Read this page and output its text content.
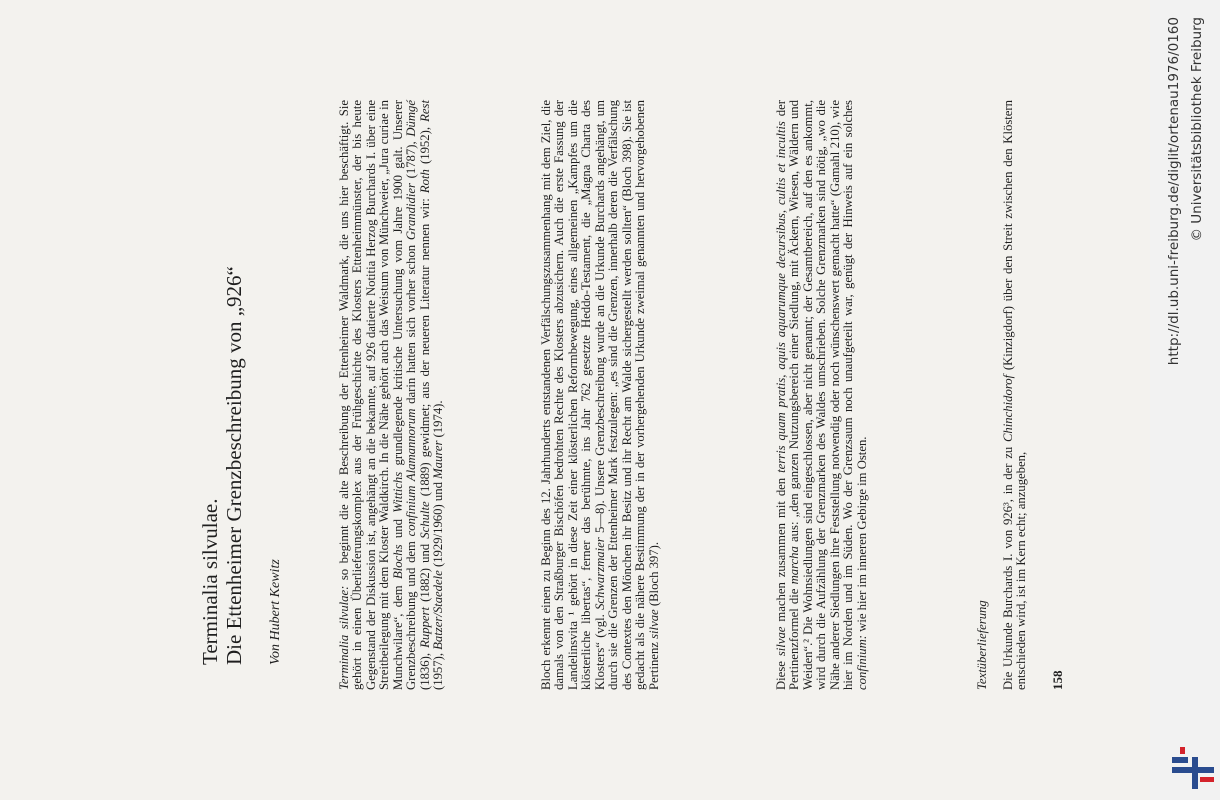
Terminalia silvulae. Die Ettenheimer Grenzbeschreibung von „926“ Von Hubert Kewitz	Terminalia silvulae: so beginnt die alte Beschreibung der Ettenheimer Waldmark, die uns hier beschäftigt. Sie gehört in einen Überlieferungskomplex aus der Frühgeschichte des Klosters Ettenheimmünster, der bis heute Gegenstand der Diskussion ist, angehängt an die bekannte, auf 926 datierte Notitia Herzog Burchards I. über eine Streitbeilegung mit dem Kloster Waldkirch. In die Nähe gehört auch das Weistum von Münchweier, „Jura curiae in Munchwilare“, dem Blochs und Wittichs grundlegende kritische Untersuchung vom Jahre 1900 galt. Unserer Grenzbeschreibung und dem confinium Alamannorum darin hatten sich vorher schon Grandidier (1787), Dümgé (1836), Ruppert (1882) und Schulte (1889) gewidmet; aus der neueren Literatur nennen wir: Roth (1952), Rest (1957), Batzer/Staedele (1929/1960) und Maurer (1974).	Bloch erkennt einen zu Beginn des 12. Jahrhunderts entstandenen Verfälschungszusammenhang mit dem Ziel, die damals von den Straßburger Bischöfen bedrohten Rechte des Klosters abzusichern. Auch die erste Fassung der Landelinsvita ¹ gehört in diese Zeit einer klösterlichen Reformbewegung, eines allgemeinen „Kampfes um die klösterliche libertas“, ferner das berühmte, ins Jahr 762 gesetzte Heddo-Testament, die „Magna Charta des Klosters“ (vgl. Schwarzmaier 5—8). Unsere Grenzbeschreibung wurde an die Urkunde Burchards angehängt, um durch sie die Grenzen der Ettenheimer Mark festzulegen: „es sind die Grenzen, innerhalb deren die Verfälschung des Contextes den Mönchen ihr Besitz und ihr Recht am Walde sichergestellt werden sollten“ (Bloch 398). Sie ist gedacht als die nähere Bestimmung der in der vorhergehenden Urkunde zweimal genannten und hervorgehobenen Pertinenz silvae (Bloch 397).
Diese silvae machen zusammen mit den terris quam pratis, aquis aquarumque decursibus, cultis et incultis der Pertinenzformel die marcha aus: „den ganzen Nutzungsbereich einer Siedlung, mit Äckern, Wiesen, Wäldern und Weiden“.² Die Wohnsiedlungen sind eingeschlossen, aber nicht genannt; der Gesamtbereich, auf den es ankommt, wird durch die Aufzählung der Grenzmarken des Waldes umschrieben. Solche Grenzmarken sind nötig, „wo die Nähe anderer Siedlungen ihre Feststellung notwendig oder noch wünschenswert gemacht hatte“ (Gamahl 210), wie hier im Norden und im Süden. Wo der Grenzsaum noch unaufgeteilt war, genügt der Hinweis auf ein solches confinium: wie hier im inneren Gebirge im Osten.
Textüberlieferung Die Urkunde Burchards I. von 926³, in der zu Chinchidorof (Kinzigdorf) über den Streit zwischen den Klöstern entschieden wird, ist im Kern echt; anzugeben, 158
http://dl.ub.uni-freiburg.de/diglit/ortenau1976/0160 © Universitätsbibliothek Freiburg
